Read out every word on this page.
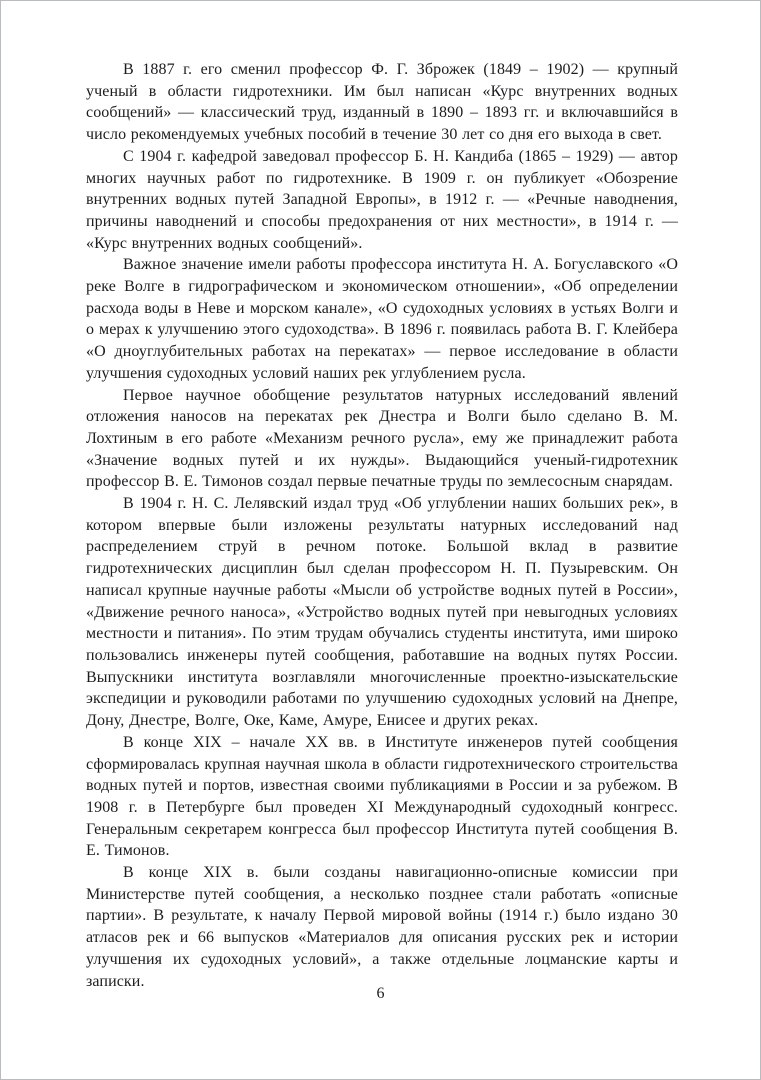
В 1887 г. его сменил профессор Ф. Г. Зброжек (1849 – 1902) — крупный ученый в области гидротехники. Им был написан «Курс внутренних водных сообщений» — классический труд, изданный в 1890 – 1893 гг. и включавшийся в число рекомендуемых учебных пособий в течение 30 лет со дня его выхода в свет.

С 1904 г. кафедрой заведовал профессор Б. Н. Кандиба (1865 – 1929) — автор многих научных работ по гидротехнике. В 1909 г. он публикует «Обозрение внутренних водных путей Западной Европы», в 1912 г. — «Речные наводнения, причины наводнений и способы предохранения от них местности», в 1914 г. — «Курс внутренних водных сообщений».

Важное значение имели работы профессора института Н. А. Богуславского «О реке Волге в гидрографическом и экономическом отношении», «Об определении расхода воды в Неве и морском канале», «О судоходных условиях в устьях Волги и о мерах к улучшению этого судоходства». В 1896 г. появилась работа В. Г. Клейбера «О дноуглубительных работах на перекатах» — первое исследование в области улучшения судоходных условий наших рек углублением русла.

Первое научное обобщение результатов натурных исследований явлений отложения наносов на перекатах рек Днестра и Волги было сделано В. М. Лохтиным в его работе «Механизм речного русла», ему же принадлежит работа «Значение водных путей и их нужды». Выдающийся ученый-гидротехник профессор В. Е. Тимонов создал первые печатные труды по землесосным снарядам.

В 1904 г. Н. С. Лелявский издал труд «Об углублении наших больших рек», в котором впервые были изложены результаты натурных исследований над распределением струй в речном потоке. Большой вклад в развитие гидротехнических дисциплин был сделан профессором Н. П. Пузыревским. Он написал крупные научные работы «Мысли об устройстве водных путей в России», «Движение речного наноса», «Устройство водных путей при невыгодных условиях местности и питания». По этим трудам обучались студенты института, ими широко пользовались инженеры путей сообщения, работавшие на водных путях России. Выпускники института возглавляли многочисленные проектно-изыскательские экспедиции и руководили работами по улучшению судоходных условий на Днепре, Дону, Днестре, Волге, Оке, Каме, Амуре, Енисее и других реках.

В конце XIX – начале XX вв. в Институте инженеров путей сообщения сформировалась крупная научная школа в области гидротехнического строительства водных путей и портов, известная своими публикациями в России и за рубежом. В 1908 г. в Петербурге был проведен XI Международный судоходный конгресс. Генеральным секретарем конгресса был профессор Института путей сообщения В. Е. Тимонов.

В конце XIX в. были созданы навигационно-описные комиссии при Министерстве путей сообщения, а несколько позднее стали работать «описные партии». В результате, к началу Первой мировой войны (1914 г.) было издано 30 атласов рек и 66 выпусков «Материалов для описания русских рек и истории улучшения их судоходных условий», а также отдельные лоцманские карты и записки.

6
